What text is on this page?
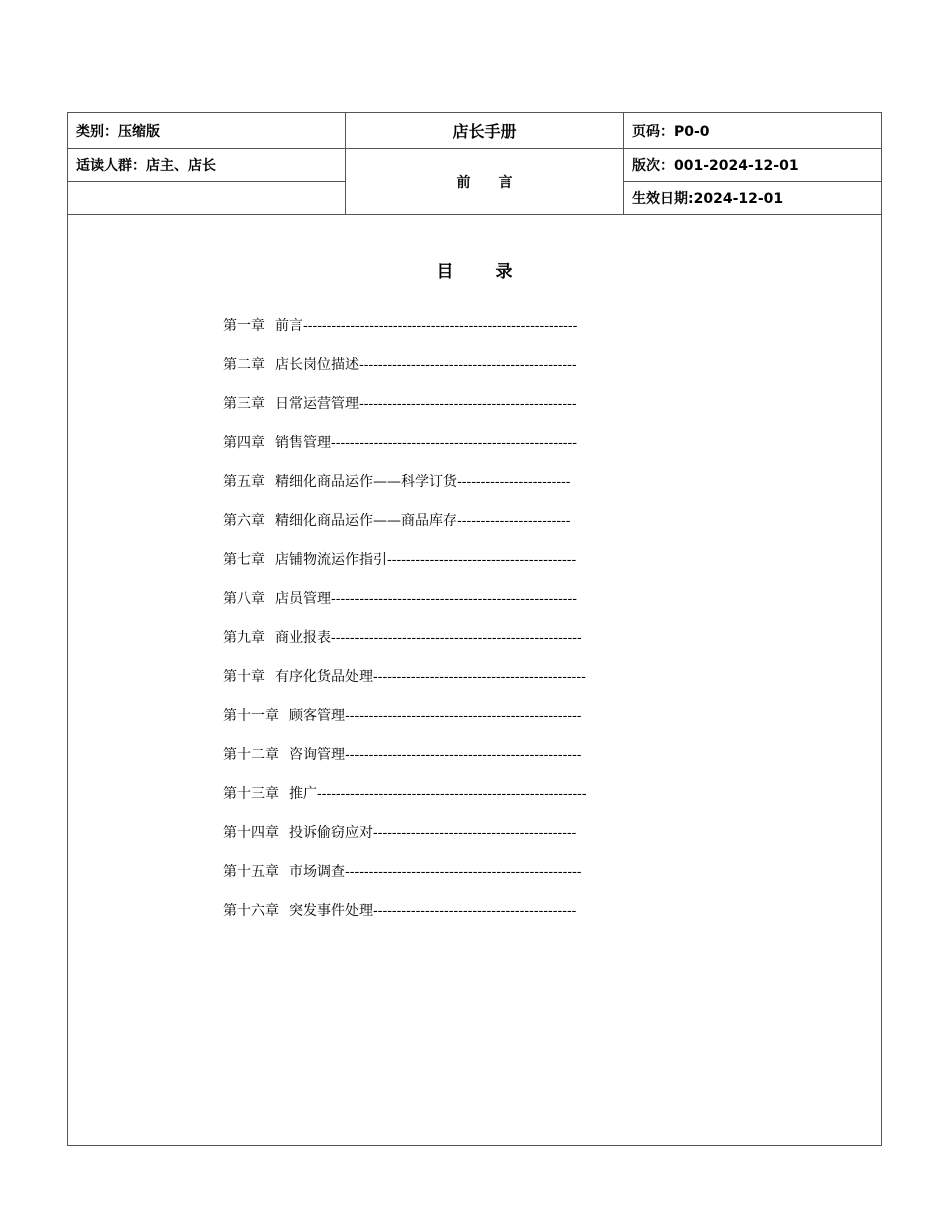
类别：压缩版	店长手册	页码：P0-0
适读人群：店主、店长
前　　言
版次：001-2024-12-01
生效日期:2024-12-01
目录
第一章 前言----------------------------------------------------------
第二章 店长岗位描述----------------------------------------------
第三章 日常运营管理----------------------------------------------
第四章 销售管理----------------------------------------------------
第五章 精细化商品运作——科学订货------------------------
第六章 精细化商品运作——商品库存------------------------
第七章 店铺物流运作指引----------------------------------------
第八章 店员管理----------------------------------------------------
第九章 商业报表-----------------------------------------------------
第十章 有序化货品处理---------------------------------------------
第十一章 顾客管理--------------------------------------------------
第十二章 咨询管理--------------------------------------------------
第十三章 推广---------------------------------------------------------
第十四章 投诉偷窃应对-------------------------------------------
第十五章 市场调查--------------------------------------------------
第十六章 突发事件处理-------------------------------------------
